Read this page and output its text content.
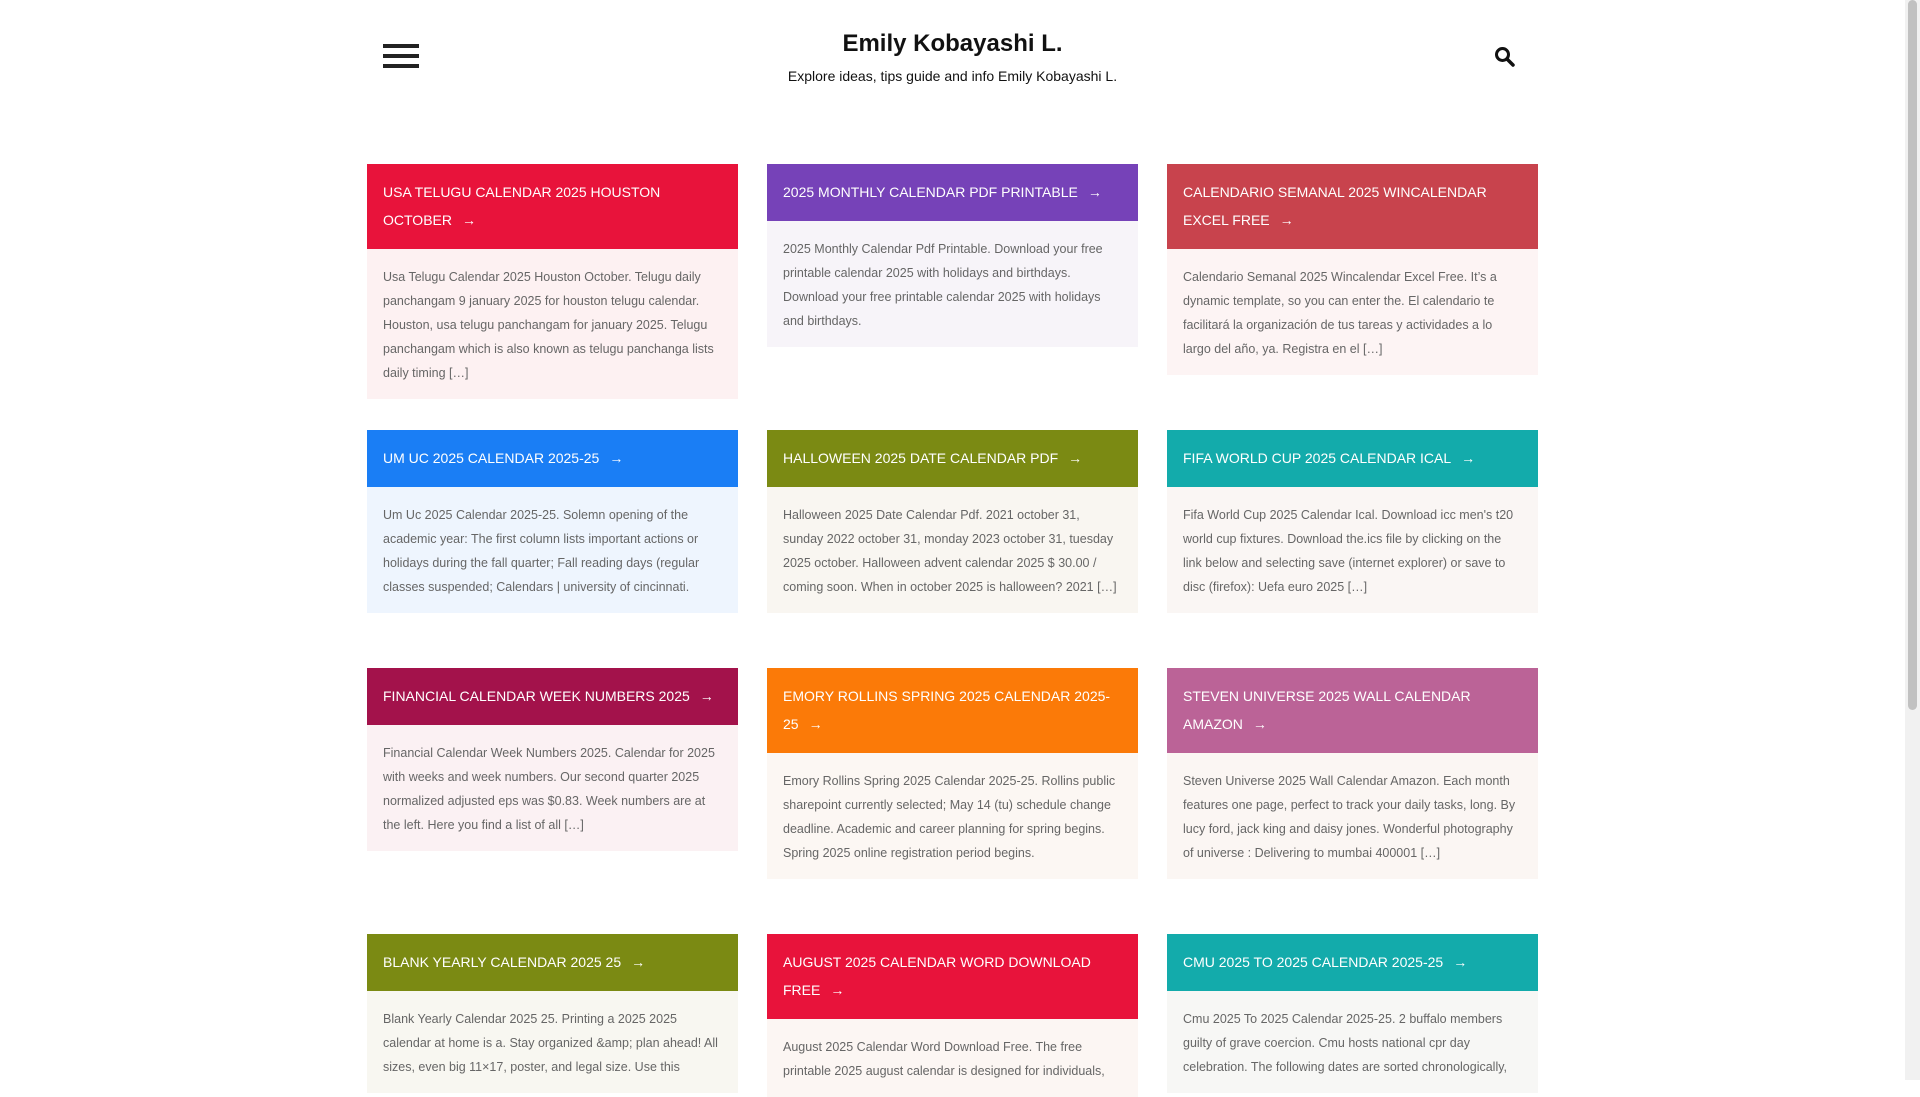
Emily Kobayashi L.
Explore ideas, tips guide and info Emily Kobayashi L.
USA TELUGU CALENDAR 2025 HOUSTON OCTOBER →
Usa Telugu Calendar 2025 Houston October. Telugu daily panchangam 9 january 2025 for houston telugu calendar. Houston, usa telugu panchangam for january 2025. Telugu panchangam which is also known as telugu panchanga lists daily timing […]
2025 MONTHLY CALENDAR PDF PRINTABLE →
2025 Monthly Calendar Pdf Printable. Download your free printable calendar 2025 with holidays and birthdays. Download your free printable calendar 2025 with holidays and birthdays.
CALENDARIO SEMANAL 2025 WINCALENDAR EXCEL FREE →
Calendario Semanal 2025 Wincalendar Excel Free. It’s a dynamic template, so you can enter the. El calendario te facilitará la organización de tus tareas y actividades a lo largo del año, ya. Registra en el […]
UM UC 2025 CALENDAR 2025-25 →
Um Uc 2025 Calendar 2025-25. Solemn opening of the academic year: The first column lists important actions or holidays during the fall quarter; Fall reading days (regular classes suspended; Calendars | university of cincinnati.
HALLOWEEN 2025 DATE CALENDAR PDF →
Halloween 2025 Date Calendar Pdf. 2021 october 31, sunday 2022 october 31, monday 2023 october 31, tuesday 2025 october. Halloween advent calendar 2025 $ 30.00 / coming soon. When in october 2025 is halloween? 2021 […]
FIFA WORLD CUP 2025 CALENDAR ICAL →
Fifa World Cup 2025 Calendar Ical. Download icc men's t20 world cup fixtures. Download the.ics file by clicking on the link below and selecting save (internet explorer) or save to disc (firefox): Uefa euro 2025 […]
FINANCIAL CALENDAR WEEK NUMBERS 2025 →
Financial Calendar Week Numbers 2025. Calendar for 2025 with weeks and week numbers. Our second quarter 2025 normalized adjusted eps was $0.83. Week numbers are at the left. Here you find a list of all […]
EMORY ROLLINS SPRING 2025 CALENDAR 2025-25 →
Emory Rollins Spring 2025 Calendar 2025-25. Rollins public sharepoint currently selected; May 14 (tu) schedule change deadline. Academic and career planning for spring begins. Spring 2025 online registration period begins.
STEVEN UNIVERSE 2025 WALL CALENDAR AMAZON →
Steven Universe 2025 Wall Calendar Amazon. Each month features one page, perfect to track your daily tasks, long. By lucy ford, jack king and daisy jones. Wonderful photography of universe : Delivering to mumbai 400001 […]
BLANK YEARLY CALENDAR 2025 25 →
Blank Yearly Calendar 2025 25. Printing a 2025 2025 calendar at home is a. Stay organized &amp; plan ahead! All sizes, even big 11×17, poster, and legal size. Use this
AUGUST 2025 CALENDAR WORD DOWNLOAD FREE →
August 2025 Calendar Word Download Free. The free printable 2025 august calendar is designed for individuals,
CMU 2025 TO 2025 CALENDAR 2025-25 →
Cmu 2025 To 2025 Calendar 2025-25. 2 buffalo members guilty of grave coercion. Cmu hosts national cpr day celebration. The following dates are sorted chronologically,
